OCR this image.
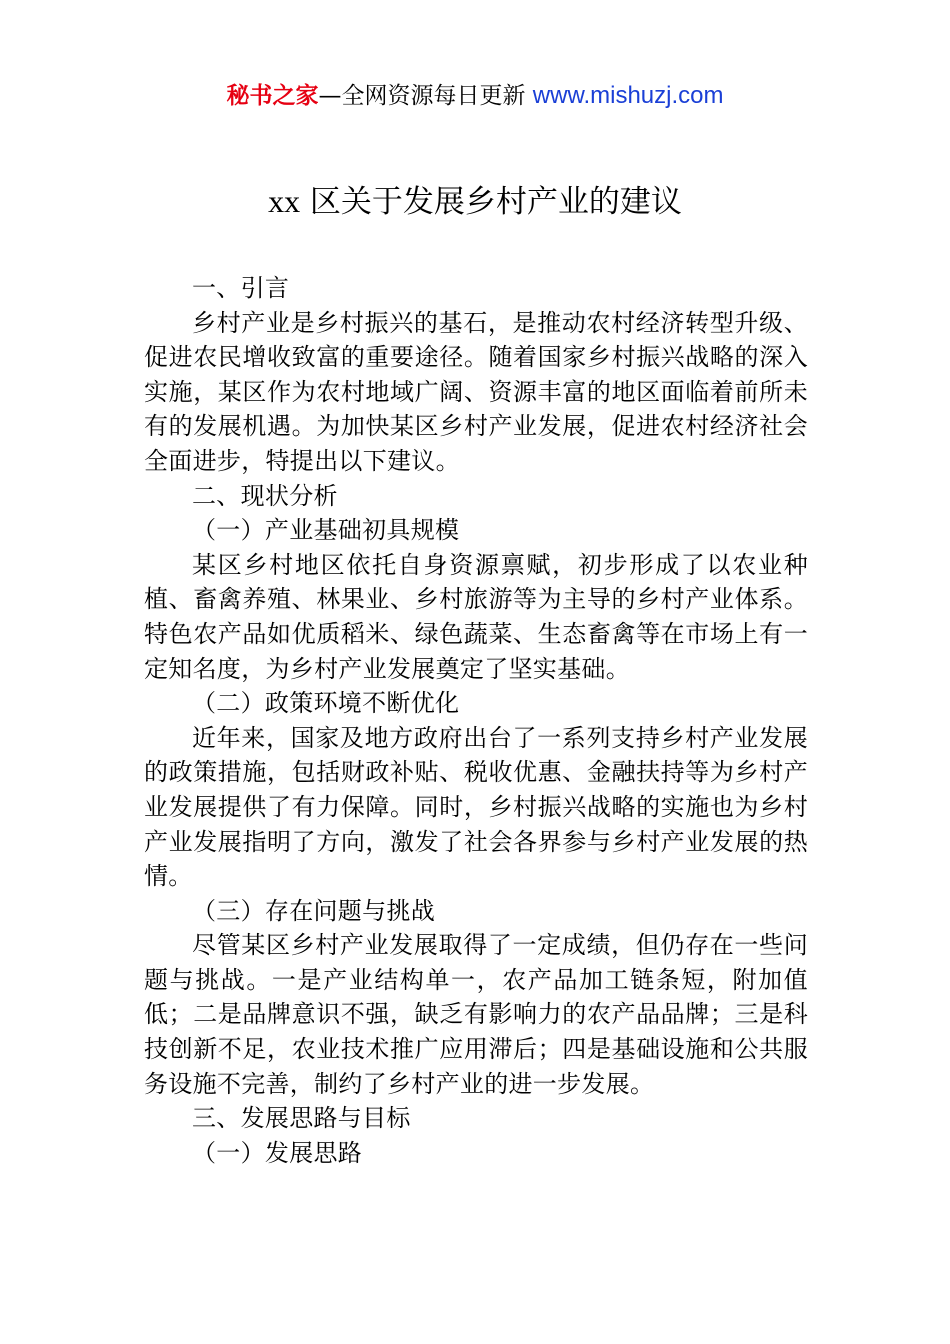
秘书之家—全网资源每日更新 www.mishuzj.com
xx 区关于发展乡村产业的建议

一、引言

乡村产业是乡村振兴的基石，是推动农村经济转型升级、促进农民增收致富的重要途径。随着国家乡村振兴战略的深入实施，某区作为农村地域广阔、资源丰富的地区面临着前所未有的发展机遇。为加快某区乡村产业发展，促进农村经济社会全面进步，特提出以下建议。

二、现状分析

（一）产业基础初具规模

某区乡村地区依托自身资源禀赋，初步形成了以农业种植、畜禽养殖、林果业、乡村旅游等为主导的乡村产业体系。特色农产品如优质稻米、绿色蔬菜、生态畜禽等在市场上有一定知名度，为乡村产业发展奠定了坚实基础。

（二）政策环境不断优化

近年来，国家及地方政府出台了一系列支持乡村产业发展的政策措施，包括财政补贴、税收优惠、金融扶持等为乡村产业发展提供了有力保障。同时，乡村振兴战略的实施也为乡村产业发展指明了方向，激发了社会各界参与乡村产业发展的热情。

（三）存在问题与挑战

尽管某区乡村产业发展取得了一定成绩，但仍存在一些问题与挑战。一是产业结构单一，农产品加工链条短，附加值低；二是品牌意识不强，缺乏有影响力的农产品品牌；三是科技创新不足，农业技术推广应用滞后；四是基础设施和公共服务设施不完善，制约了乡村产业的进一步发展。

三、发展思路与目标

（一）发展思路
